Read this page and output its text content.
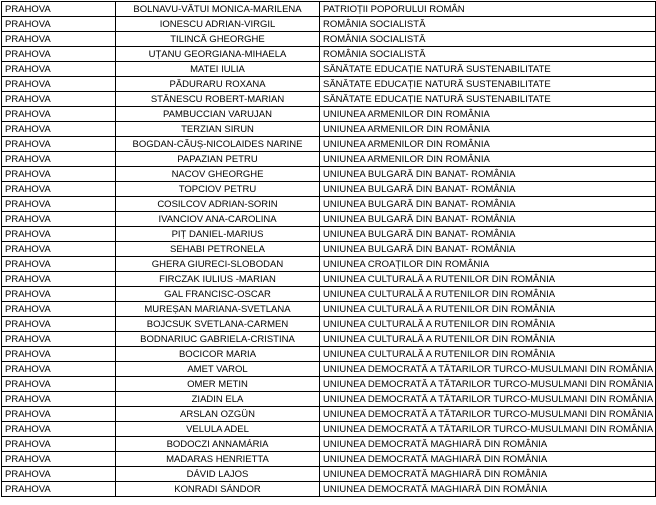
PRAHOVA	BOLNAVU-VĂTUI MONICA-MARILENA	PATRIOȚII POPORULUI ROMÂN
PRAHOVA	IONESCU ADRIAN-VIRGIL	ROMÂNIA SOCIALISTĂ
PRAHOVA	TILINCĂ GHEORGHE	ROMÂNIA SOCIALISTĂ
PRAHOVA	UȚANU GEORGIANA-MIHAELA	ROMÂNIA SOCIALISTĂ
PRAHOVA	MATEI IULIA	SĂNĂTATE EDUCAȚIE NATURĂ SUSTENABILITATE
PRAHOVA	PĂDURARU ROXANA	SĂNĂTATE EDUCAȚIE NATURĂ SUSTENABILITATE
PRAHOVA	STĂNESCU ROBERT-MARIAN	SĂNĂTATE EDUCAȚIE NATURĂ SUSTENABILITATE
PRAHOVA	PAMBUCCIAN VARUJAN	UNIUNEA ARMENILOR DIN ROMÂNIA
PRAHOVA	TERZIAN SIRUN	UNIUNEA ARMENILOR DIN ROMÂNIA
PRAHOVA	BOGDAN-CĂUȘ-NICOLAIDES NARINE	UNIUNEA ARMENILOR DIN ROMÂNIA
PRAHOVA	PAPAZIAN PETRU	UNIUNEA ARMENILOR DIN ROMÂNIA
PRAHOVA	NACOV GHEORGHE	UNIUNEA BULGARĂ DIN BANAT- ROMÂNIA
PRAHOVA	TOPCIOV PETRU	UNIUNEA BULGARĂ DIN BANAT- ROMÂNIA
PRAHOVA	COSILCOV ADRIAN-SORIN	UNIUNEA BULGARĂ DIN BANAT- ROMÂNIA
PRAHOVA	IVANCIOV ANA-CAROLINA	UNIUNEA BULGARĂ DIN BANAT- ROMÂNIA
PRAHOVA	PIȚ DANIEL-MARIUS	UNIUNEA BULGARĂ DIN BANAT- ROMÂNIA
PRAHOVA	SEHABI PETRONELA	UNIUNEA BULGARĂ DIN BANAT- ROMÂNIA
PRAHOVA	GHERA GIURECI-SLOBODAN	UNIUNEA CROAȚILOR DIN ROMÂNIA
PRAHOVA	FIRCZAK IULIUS -MARIAN	UNIUNEA CULTURALĂ A RUTENILOR DIN ROMÂNIA
PRAHOVA	GAL FRANCISC-OSCAR	UNIUNEA CULTURALĂ A RUTENILOR DIN ROMÂNIA
PRAHOVA	MUREȘAN MARIANA-SVETLANA	UNIUNEA CULTURALĂ A RUTENILOR DIN ROMÂNIA
PRAHOVA	BOJCSUK SVETLANA-CARMEN	UNIUNEA CULTURALĂ A RUTENILOR DIN ROMÂNIA
PRAHOVA	BODNARIUC GABRIELA-CRISTINA	UNIUNEA CULTURALĂ A RUTENILOR DIN ROMÂNIA
PRAHOVA	BOCICOR MARIA	UNIUNEA CULTURALĂ A RUTENILOR DIN ROMÂNIA
PRAHOVA	AMET VAROL	UNIUNEA DEMOCRATĂ A TĂTARILOR TURCO-MUSULMANI DIN ROMÂNIA
PRAHOVA	OMER METIN	UNIUNEA DEMOCRATĂ A TĂTARILOR TURCO-MUSULMANI DIN ROMÂNIA
PRAHOVA	ZIADIN ELA	UNIUNEA DEMOCRATĂ A TĂTARILOR TURCO-MUSULMANI DIN ROMÂNIA
PRAHOVA	ARSLAN OZGÜN	UNIUNEA DEMOCRATĂ A TĂTARILOR TURCO-MUSULMANI DIN ROMÂNIA
PRAHOVA	VELULA ADEL	UNIUNEA DEMOCRATĂ A TĂTARILOR TURCO-MUSULMANI DIN ROMÂNIA
PRAHOVA	BODOCZI ANNAMÁRIA	UNIUNEA DEMOCRATĂ MAGHIARĂ DIN ROMÂNIA
PRAHOVA	MADARAS HENRIETTA	UNIUNEA DEMOCRATĂ MAGHIARĂ DIN ROMÂNIA
PRAHOVA	DÁVID LAJOS	UNIUNEA DEMOCRATĂ MAGHIARĂ DIN ROMÂNIA
PRAHOVA	KONRADI SÁNDOR	UNIUNEA DEMOCRATĂ MAGHIARĂ DIN ROMÂNIA
